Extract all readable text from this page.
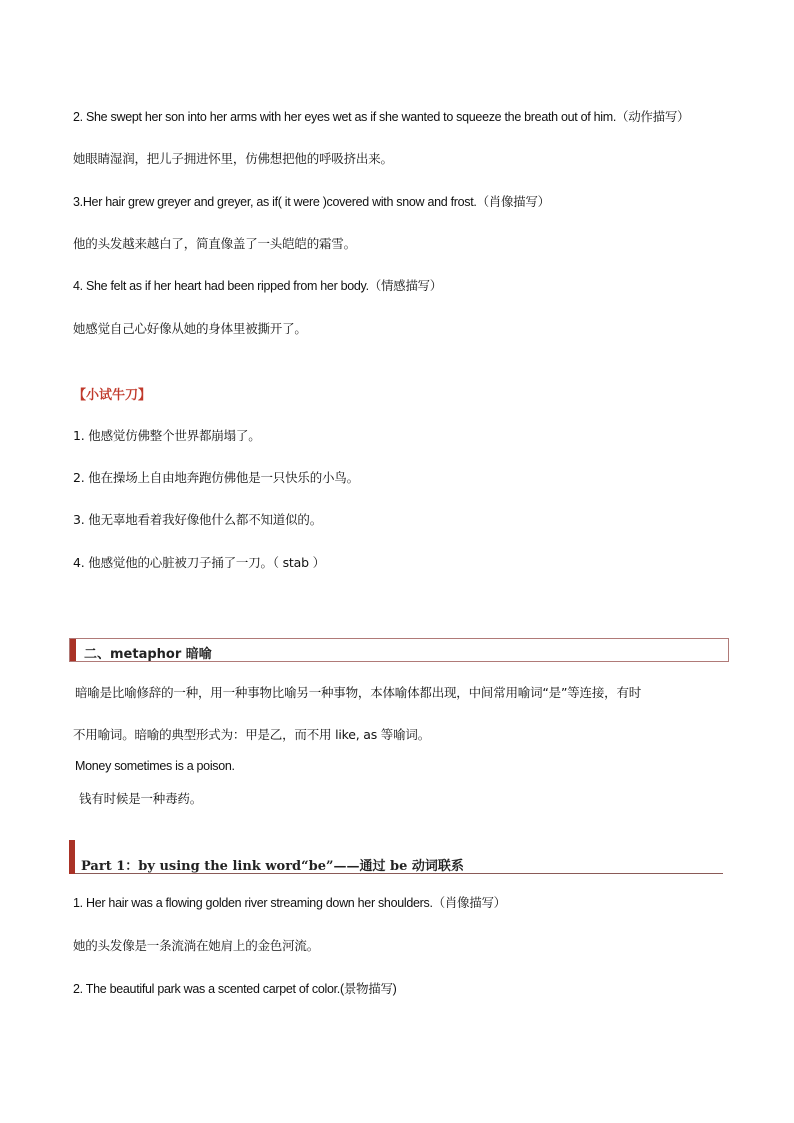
2. She swept her son into her arms with her eyes wet as if she wanted to squeeze the breath out of him.（动作描写）
她眼睛湿润，把儿子拥进怀里，仿佛想把他的呼吸挤出来。
3.Her hair grew greyer and greyer, as if( it were )covered with snow and frost.（肖像描写）
他的头发越来越白了，简直像盖了一头皑皑的霜雪。
4. She felt as if her heart had been ripped from her body.（情感描写）
她感觉自己心好像从她的身体里被撕开了。
【小试牛刀】
1. 他感觉仿佛整个世界都崩塌了。
2. 他在操场上自由地奔跑仿佛他是一只快乐的小鸟。
3. 他无辜地看着我好像他什么都不知道似的。
4. 他感觉他的心脏被刀子捅了一刀。（ stab ）
二、metaphor 暗喻
暗喻是比喻修辞的一种，用一种事物比喻另一种事物，本体喻体都出现，中间常用喻词“是”等连接，有时
不用喻词。暗喻的典型形式为：甲是乙，而不用 like, as 等喻词。
Money sometimes is a poison.
钱有时候是一种毒药。
Part 1：by using the link word“be”——通过 be 动词联系
1. Her hair was a flowing golden river streaming down her shoulders.（肖像描写）
她的头发像是一条流淌在她肩上的金色河流。
2. The beautiful park was a scented carpet of color.(景物描写)
